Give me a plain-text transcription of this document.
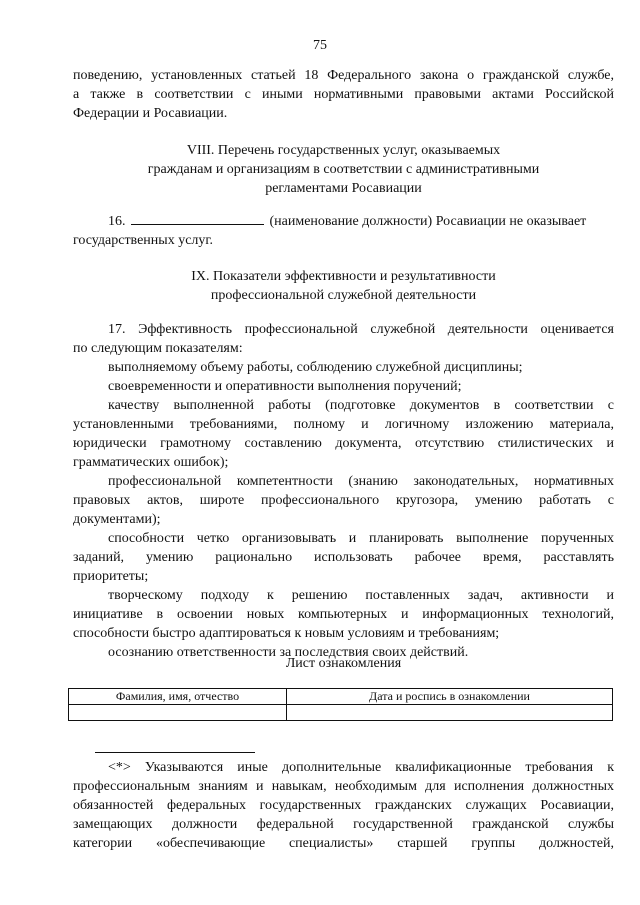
75
поведению, установленных статьей 18 Федерального закона о гражданской службе,
а также в соответствии с иными нормативными правовыми актами Российской
Федерации и Росавиации.
VIII. Перечень государственных услуг, оказываемых
гражданам и организациям в соответствии с административными
регламентами Росавиации
16.	(наименование должности) Росавиации не оказывает
государственных услуг.
IX. Показатели эффективности и результативности
профессиональной служебной деятельности
17. Эффективность профессиональной служебной деятельности оценивается
по следующим показателям:
выполняемому объему работы, соблюдению служебной дисциплины;
своевременности и оперативности выполнения поручений;
качеству выполненной работы (подготовке документов в соответствии с
установленными требованиями, полному и логичному изложению материала,
юридически грамотному составлению документа, отсутствию стилистических и
грамматических ошибок);
профессиональной компетентности (знанию законодательных, нормативных
правовых актов, широте профессионального кругозора, умению работать с
документами);
способности четко организовывать и планировать выполнение порученных
заданий, умению рационально использовать рабочее время, расставлять
приоритеты;
творческому подходу к решению поставленных задач, активности и
инициативе в освоении новых компьютерных и информационных технологий,
способности быстро адаптироваться к новым условиям и требованиям;
осознанию ответственности за последствия своих действий.
Лист ознакомления
Фамилия, имя, отчество	Дата и роспись в ознакомлении

<*> Указываются иные дополнительные квалификационные требования к
профессиональным знаниям и навыкам, необходимым для исполнения должностных
обязанностей федеральных государственных гражданских служащих Росавиации,
замещающих должности федеральной государственной гражданской службы
категории «обеспечивающие специалисты» старшей группы должностей,
